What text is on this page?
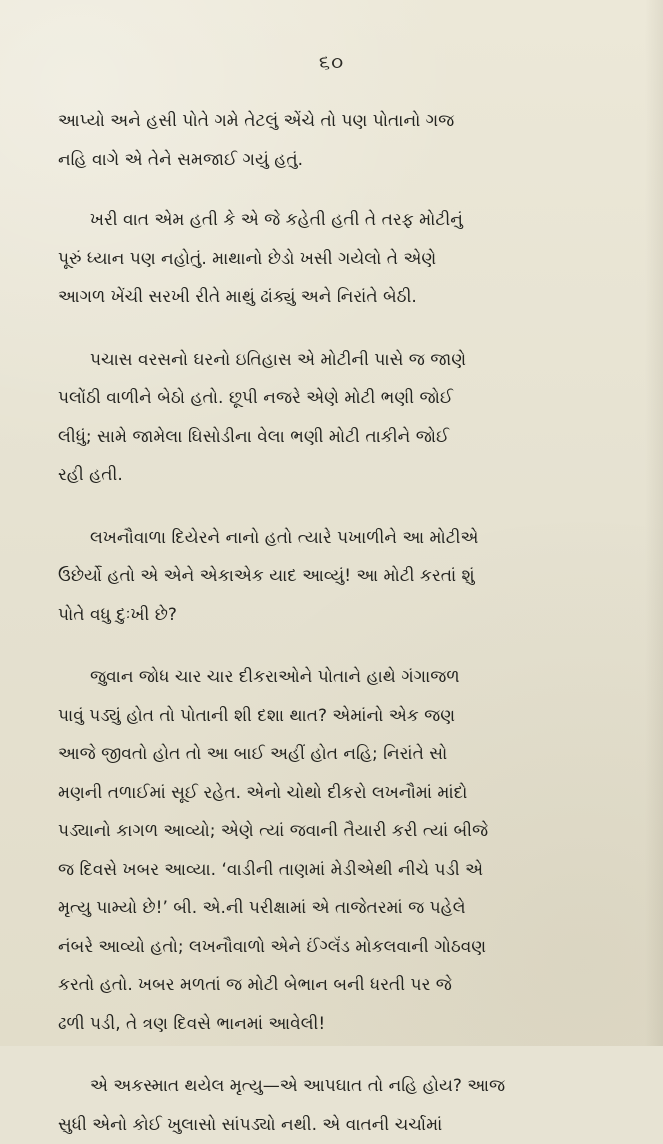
૬૦

આપ્યો અને હસી પોતે ગમે તેટલું એંચે તો પણ પોતાનો ગજ
નહિ વાગે એ તેને સમજાઈ ગયું હતું.

ખરી વાત એમ હતી કે એ જે કહેતી હતી તે તરફ મોટીનું
પૂરું ધ્યાન પણ નહોતું. માથાનો છેડો ખસી ગયેલો તે એણે
આગળ ખેંચી સરખી રીતે માથું ઢાંક્યું અને નિરાંતે બેઠી.

પચાસ વરસનો ઘરનો ઇતિહાસ એ મોટીની પાસે જ જાણે
પલોંઠી વાળીને બેઠો હતો. છૂપી નજરે એણે મોટી ભણી જોઈ
લીધું; સામે જામેલા ઘિસોડીના વેલા ભણી મોટી તાકીને જોઈ
રહી હતી.

લખનૌવાળા દિયેરને નાનો હતો ત્યારે પખાળીને આ મોટીએ
ઉછેર્યો હતો એ એને એકાએક યાદ આવ્યું! આ મોટી કરતાં શું
પોતે વધુ દુઃખી છે?

જુવાન જોધ ચાર ચાર દીકરાઓને પોતાને હાથે ગંગાજળ
પાવું પડ્યું હોત તો પોતાની શી દશા થાત? એમાંનો એક જણ
આજે જીવતો હોત તો આ બાઈ અહીં હોત નહિ; નિરાંતે સો
મણની તળાઈમાં સૂઈ રહેત. એનો ચોથો દીકરો લખનૌમાં માંદો
પડ્યાનો કાગળ આવ્યો; એણે ત્યાં જવાની તૈયારી કરી ત્યાં બીજે
જ દિવસે ખબર આવ્યા. ‘વાડીની તાણમાં મેડીએથી નીચે પડી એ
મૃત્યુ પામ્યો છે!’ બી. એ.ની પરીક્ષામાં એ તાજેતરમાં જ પહેલે
નંબરે આવ્યો હતો; લખનૌવાળો એને ઈંગ્લૅંડ મોકલવાની ગોઠવણ
કરતો હતો. ખબર મળતાં જ મોટી બેભાન બની ધરતી પર જે
ઢળી પડી, તે ત્રણ દિવસે ભાનમાં આવેલી!

એ અકસ્માત થયેલ મૃત્યુ—એ આપઘાત તો નહિ હોય? આજ
સુધી એનો કોઈ ખુલાસો સાંપડ્યો નથી. એ વાતની ચર્ચામાં
